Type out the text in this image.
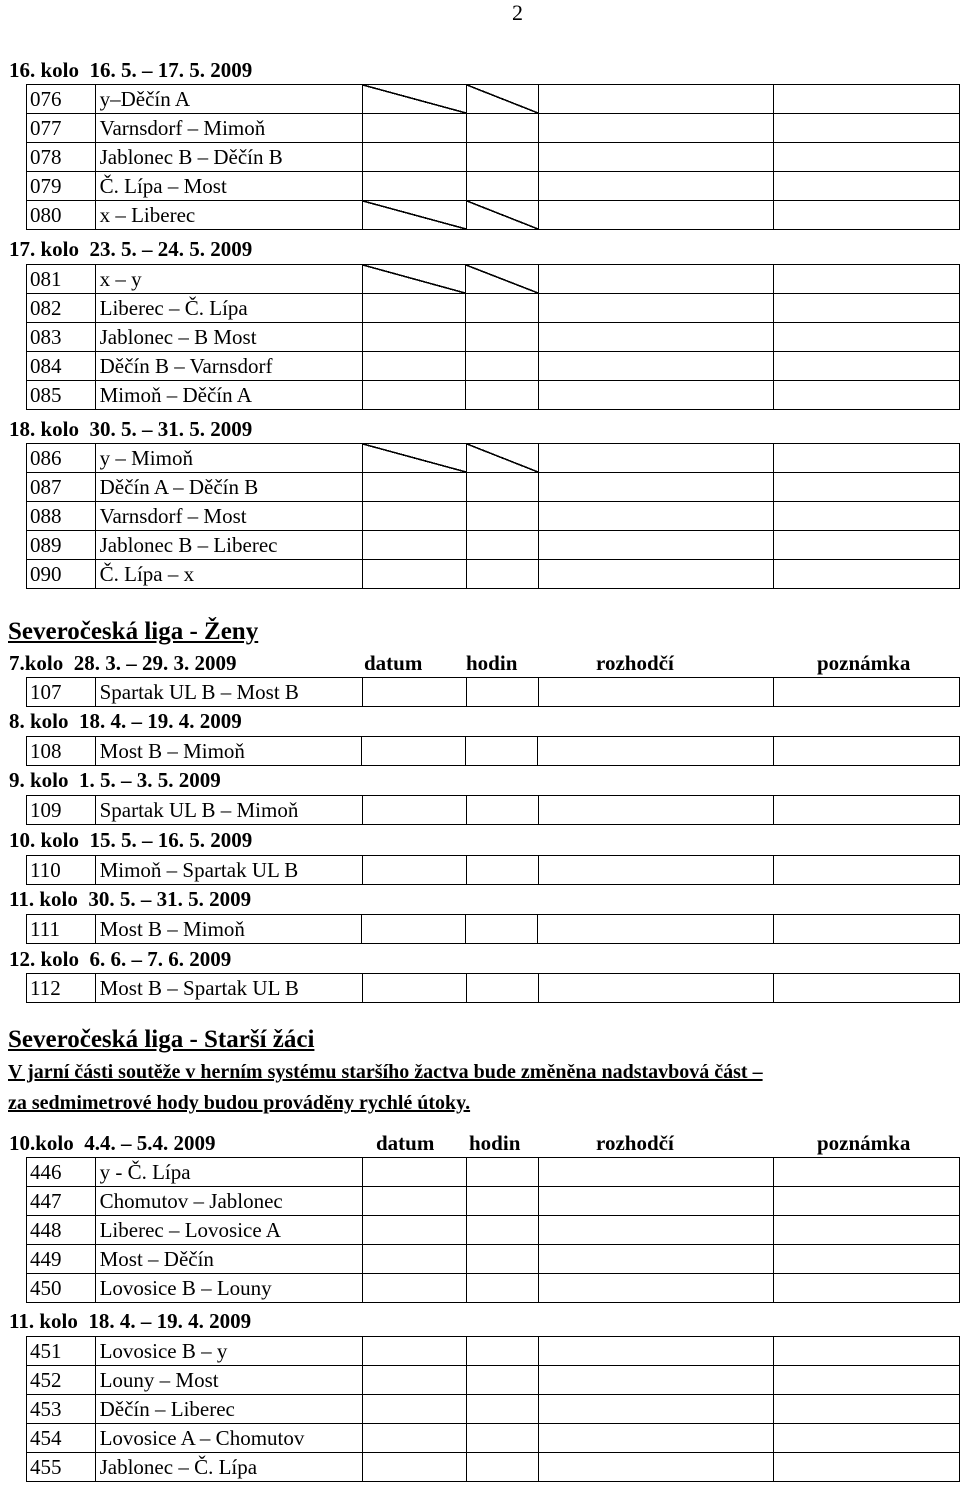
2
16. kolo  16. 5. – 17. 5. 2009
076	y–Děčín A				
077	Varnsdorf – Mimoň				
078	Jablonec B – Děčín B				
079	Č. Lípa – Most				
080	x – Liberec				
17. kolo  23. 5. – 24. 5. 2009
081	x – y				
082	Liberec – Č. Lípa				
083	Jablonec – B Most				
084	Děčín B – Varnsdorf				
085	Mimoň – Děčín A				
18. kolo  30. 5. – 31. 5. 2009
086	y – Mimoň				
087	Děčín A – Děčín B				
088	Varnsdorf – Most				
089	Jablonec B – Liberec				
090	Č. Lípa – x				
Severočeská liga - Ženy
7.kolo  28. 3. – 29. 3. 2009	datum hodin	rozhodčí	poznámka
107	Spartak UL B – Most B				
8. kolo  18. 4. – 19. 4. 2009
108	Most B – Mimoň				
9. kolo  1. 5. – 3. 5. 2009
109	Spartak UL B – Mimoň				
10. kolo  15. 5. – 16. 5. 2009
110	Mimoň – Spartak UL B				
11. kolo  30. 5. – 31. 5. 2009
111	Most B – Mimoň				
12. kolo  6. 6. – 7. 6. 2009
112	Most B – Spartak UL B				
Severočeská liga - Starší žáci
V jarní části soutěže v herním systému staršího žactva bude změněna nadstavbová část –
za sedmimetrové hody budou prováděny rychlé útoky.
10.kolo  4.4. – 5.4. 2009	datum hodin	rozhodčí	poznámka
446	y - Č. Lípa				
447	Chomutov – Jablonec				
448	Liberec – Lovosice A				
449	Most – Děčín				
450	Lovosice B – Louny				
11. kolo  18. 4. – 19. 4. 2009
451	Lovosice B – y				
452	Louny – Most				
453	Děčín – Liberec				
454	Lovosice A – Chomutov				
455	Jablonec – Č. Lípa				
